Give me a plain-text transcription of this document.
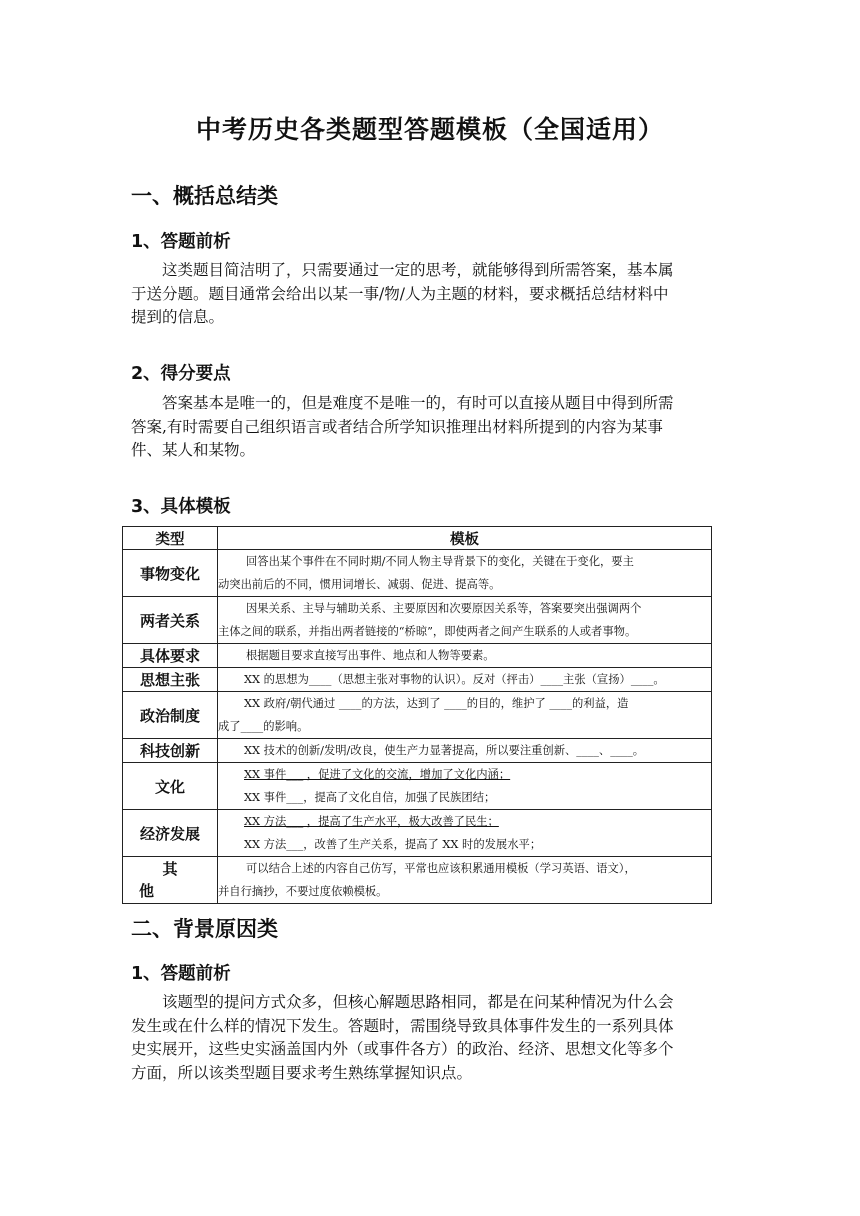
中考历史各类题型答题模板（全国适用）
一、概括总结类
1、答题前析
这类题目简洁明了，只需要通过一定的思考，就能够得到所需答案，基本属
于送分题。题目通常会给出以某一事/物/人为主题的材料，要求概括总结材料中
提到的信息。
2、得分要点
答案基本是唯一的，但是难度不是唯一的，有时可以直接从题目中得到所需
答案,有时需要自己组织语言或者结合所学知识推理出材料所提到的内容为某事
件、某人和某物。
3、具体模板
类型	模板
事物变化	回答出某个事件在不同时期/不同人物主导背景下的变化，关键在于变化，要主
动突出前后的不同，惯用词增长、减弱、促进、提高等。

两者关系	因果关系、主导与辅助关系、主要原因和次要原因关系等，答案要突出强调两个
主体之间的联系，并指出两者链接的“桥晾”，即使两者之间产生联系的人或者事物。

具体要求	根据题目要求直接写出事件、地点和人物等要素。

思想主张	XX 的思想为____（思想主张对事物的认识）。反对（抨击）____主张（宣扬）____。

政治制度	XX 政府/朝代通过 ____的方法，达到了 ____的目的，维护了 ____的利益，造
成了____的影响。

科技创新	XX 技术的创新/发明/改良，使生产力显著提高，所以要注重创新、____、____。

文化	XX 事件___ ，促进了文化的交流，增加了文化内涵；
XX 事件___，提高了文化自信，加强了民族团结；

经济发展	XX 方法___ ，提高了生产水平，极大改善了民生；
XX 方法___，改善了生产关系，提高了 XX 时的发展水平；

其
他	可以结合上述的内容自己仿写，平常也应该积累通用模板（学习英语、语文），
并自行摘抄，不要过度依赖模板。
二、背景原因类
1、答题前析
该题型的提问方式众多，但核心解题思路相同，都是在问某种情况为什么会
发生或在什么样的情况下发生。答题时，需围绕导致具体事件发生的一系列具体
史实展开，这些史实涵盖国内外（或事件各方）的政治、经济、思想文化等多个
方面，所以该类型题目要求考生熟练掌握知识点。
